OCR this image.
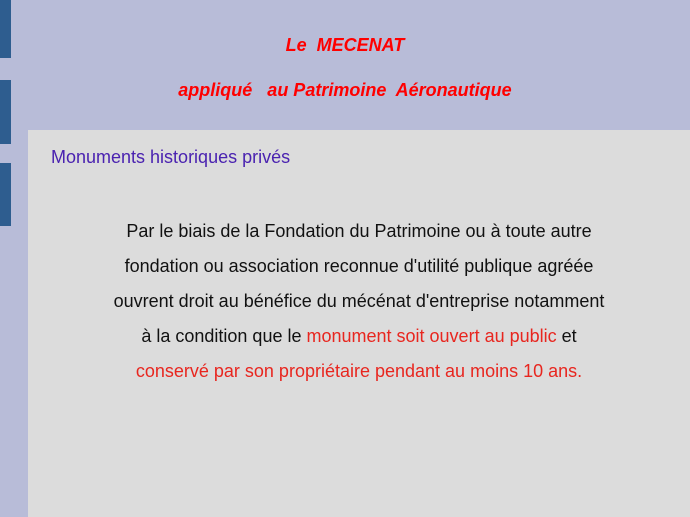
Le  MECENAT
appliqué   au Patrimoine  Aéronautique
Monuments historiques privés
Par le biais de la Fondation du Patrimoine ou à toute autre
fondation ou association reconnue d'utilité publique agréée
ouvrent droit au bénéfice du mécénat d'entreprise notamment
à la condition que le monument soit ouvert au public et
conservé par son propriétaire pendant au moins 10 ans.
